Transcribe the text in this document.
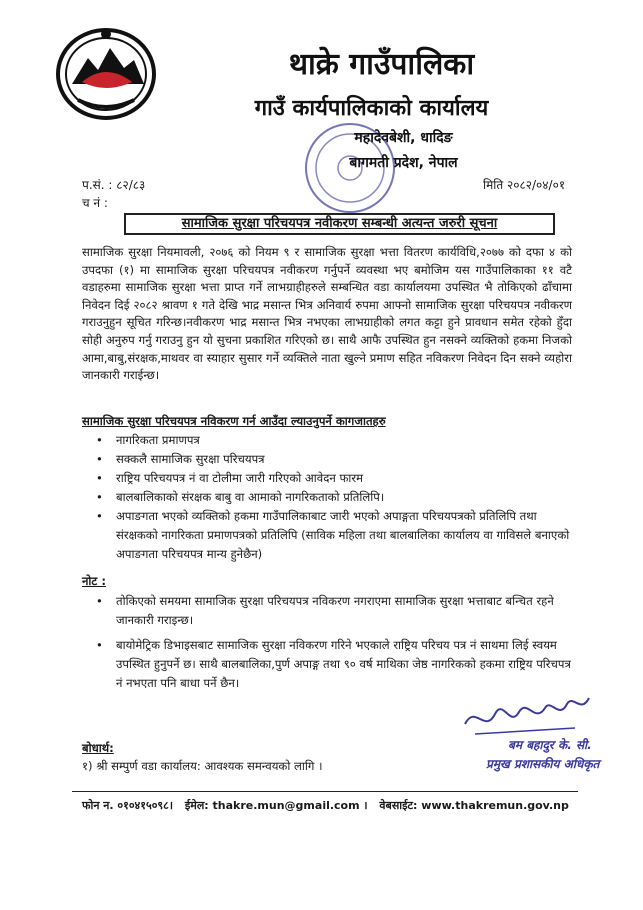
थाक्रे गाउँपालिका
गाउँ कार्यपालिकाको कार्यालय
महादेवबेशी, धादिङ
बागमती प्रदेश, नेपाल
प.सं. : ८२/८३
च नं :
मिति २०८२/०४/०१
सामाजिक सुरक्षा परिचयपत्र नवीकरण सम्बन्धी अत्यन्त जरुरी सूचना
सामाजिक सुरक्षा नियमावली, २०७६ को नियम ९ र सामाजिक सुरक्षा भत्ता वितरण कार्यविधि,२०७७ को दफा ४ को उपदफा (१) मा सामाजिक सुरक्षा परिचयपत्र नवीकरण गर्नुपर्ने व्यवस्था भए बमोजिम यस गाउँपालिकाका ११ वटै वडाहरुमा सामाजिक सुरक्षा भत्ता प्राप्त गर्ने लाभग्राहीहरुले सम्बन्धित वडा कार्यालयमा उपस्थित भै तोकिएको ढाँचामा निवेदन दिई २०८२ श्रावण १ गते देखि भाद्र मसान्त भित्र अनिवार्य रुपमा आफ्नो सामाजिक सुरक्षा परिचयपत्र नवीकरण गराउनुहुन सूचित गरिन्छ।नवीकरण भाद्र मसान्त भित्र नभएका लाभग्राहीको लगत कट्टा हुने प्रावधान समेत रहेको हुँदा सोही अनुरुप गर्नु गराउनु हुन यो सुचना प्रकाशित गरिएको छ। साथै आफै उपस्थित हुन नसक्ने व्यक्तिको हकमा निजको आमा,बाबु,संरक्षक,माथवर वा स्याहार सुसार गर्ने व्यक्तिले नाता खुल्ने प्रमाण सहित नविकरण निवेदन दिन सक्ने व्यहोरा जानकारी गराईन्छ।
सामाजिक सुरक्षा परिचयपत्र नविकरण गर्न आउँदा ल्याउनुपर्ने कागजातहरु
• नागरिकता प्रमाणपत्र
• सक्कलै सामाजिक सुरक्षा परिचयपत्र
• राष्ट्रिय परिचयपत्र नं वा टोलीमा जारी गरिएको आवेदन फारम
• बालबालिकाको संरक्षक बाबु वा आमाको नागरिकताको प्रतिलिपि।
• अपाङगता भएको व्यक्तिको हकमा गाउँपालिकाबाट जारी भएको अपाङ्गता परिचयपत्रको प्रतिलिपि तथा संरक्षकको नागरिकता प्रमाणपत्रको प्रतिलिपि (साविक महिला तथा बालबालिका कार्यालय वा गाविसले बनाएको अपाङगता परिचयपत्र मान्य हुनेछैन)
नोट :
• तोकिएको समयमा सामाजिक सुरक्षा परिचयपत्र नविकरण नगराएमा सामाजिक सुरक्षा भत्ताबाट बन्चित रहने जानकारी गराइन्छ।
• बायोमेट्रिक डिभाइसबाट सामाजिक सुरक्षा नविकरण गरिने भएकाले राष्ट्रिय परिचय पत्र नं साथमा लिई स्वयम उपस्थित हुनुपर्ने छ। साथै बालबालिका,पुर्ण अपाङ्ग तथा ९० वर्ष माथिका जेष्ठ नागरिकको हकमा राष्ट्रिय परिचपत्र नं नभएता पनि बाधा पर्ने छैन।
बम बहादुर के. सी.
प्रमुख प्रशासकीय अधिकृत
बोधार्थ:
१) श्री सम्पुर्ण वडा कार्यालय: आवश्यक समन्वयको लागि ।
फोन न. ०१०४१५०९८। ईमेल: thakre.mun@gmail.com । वेबसाईट: www.thakremun.gov.np
